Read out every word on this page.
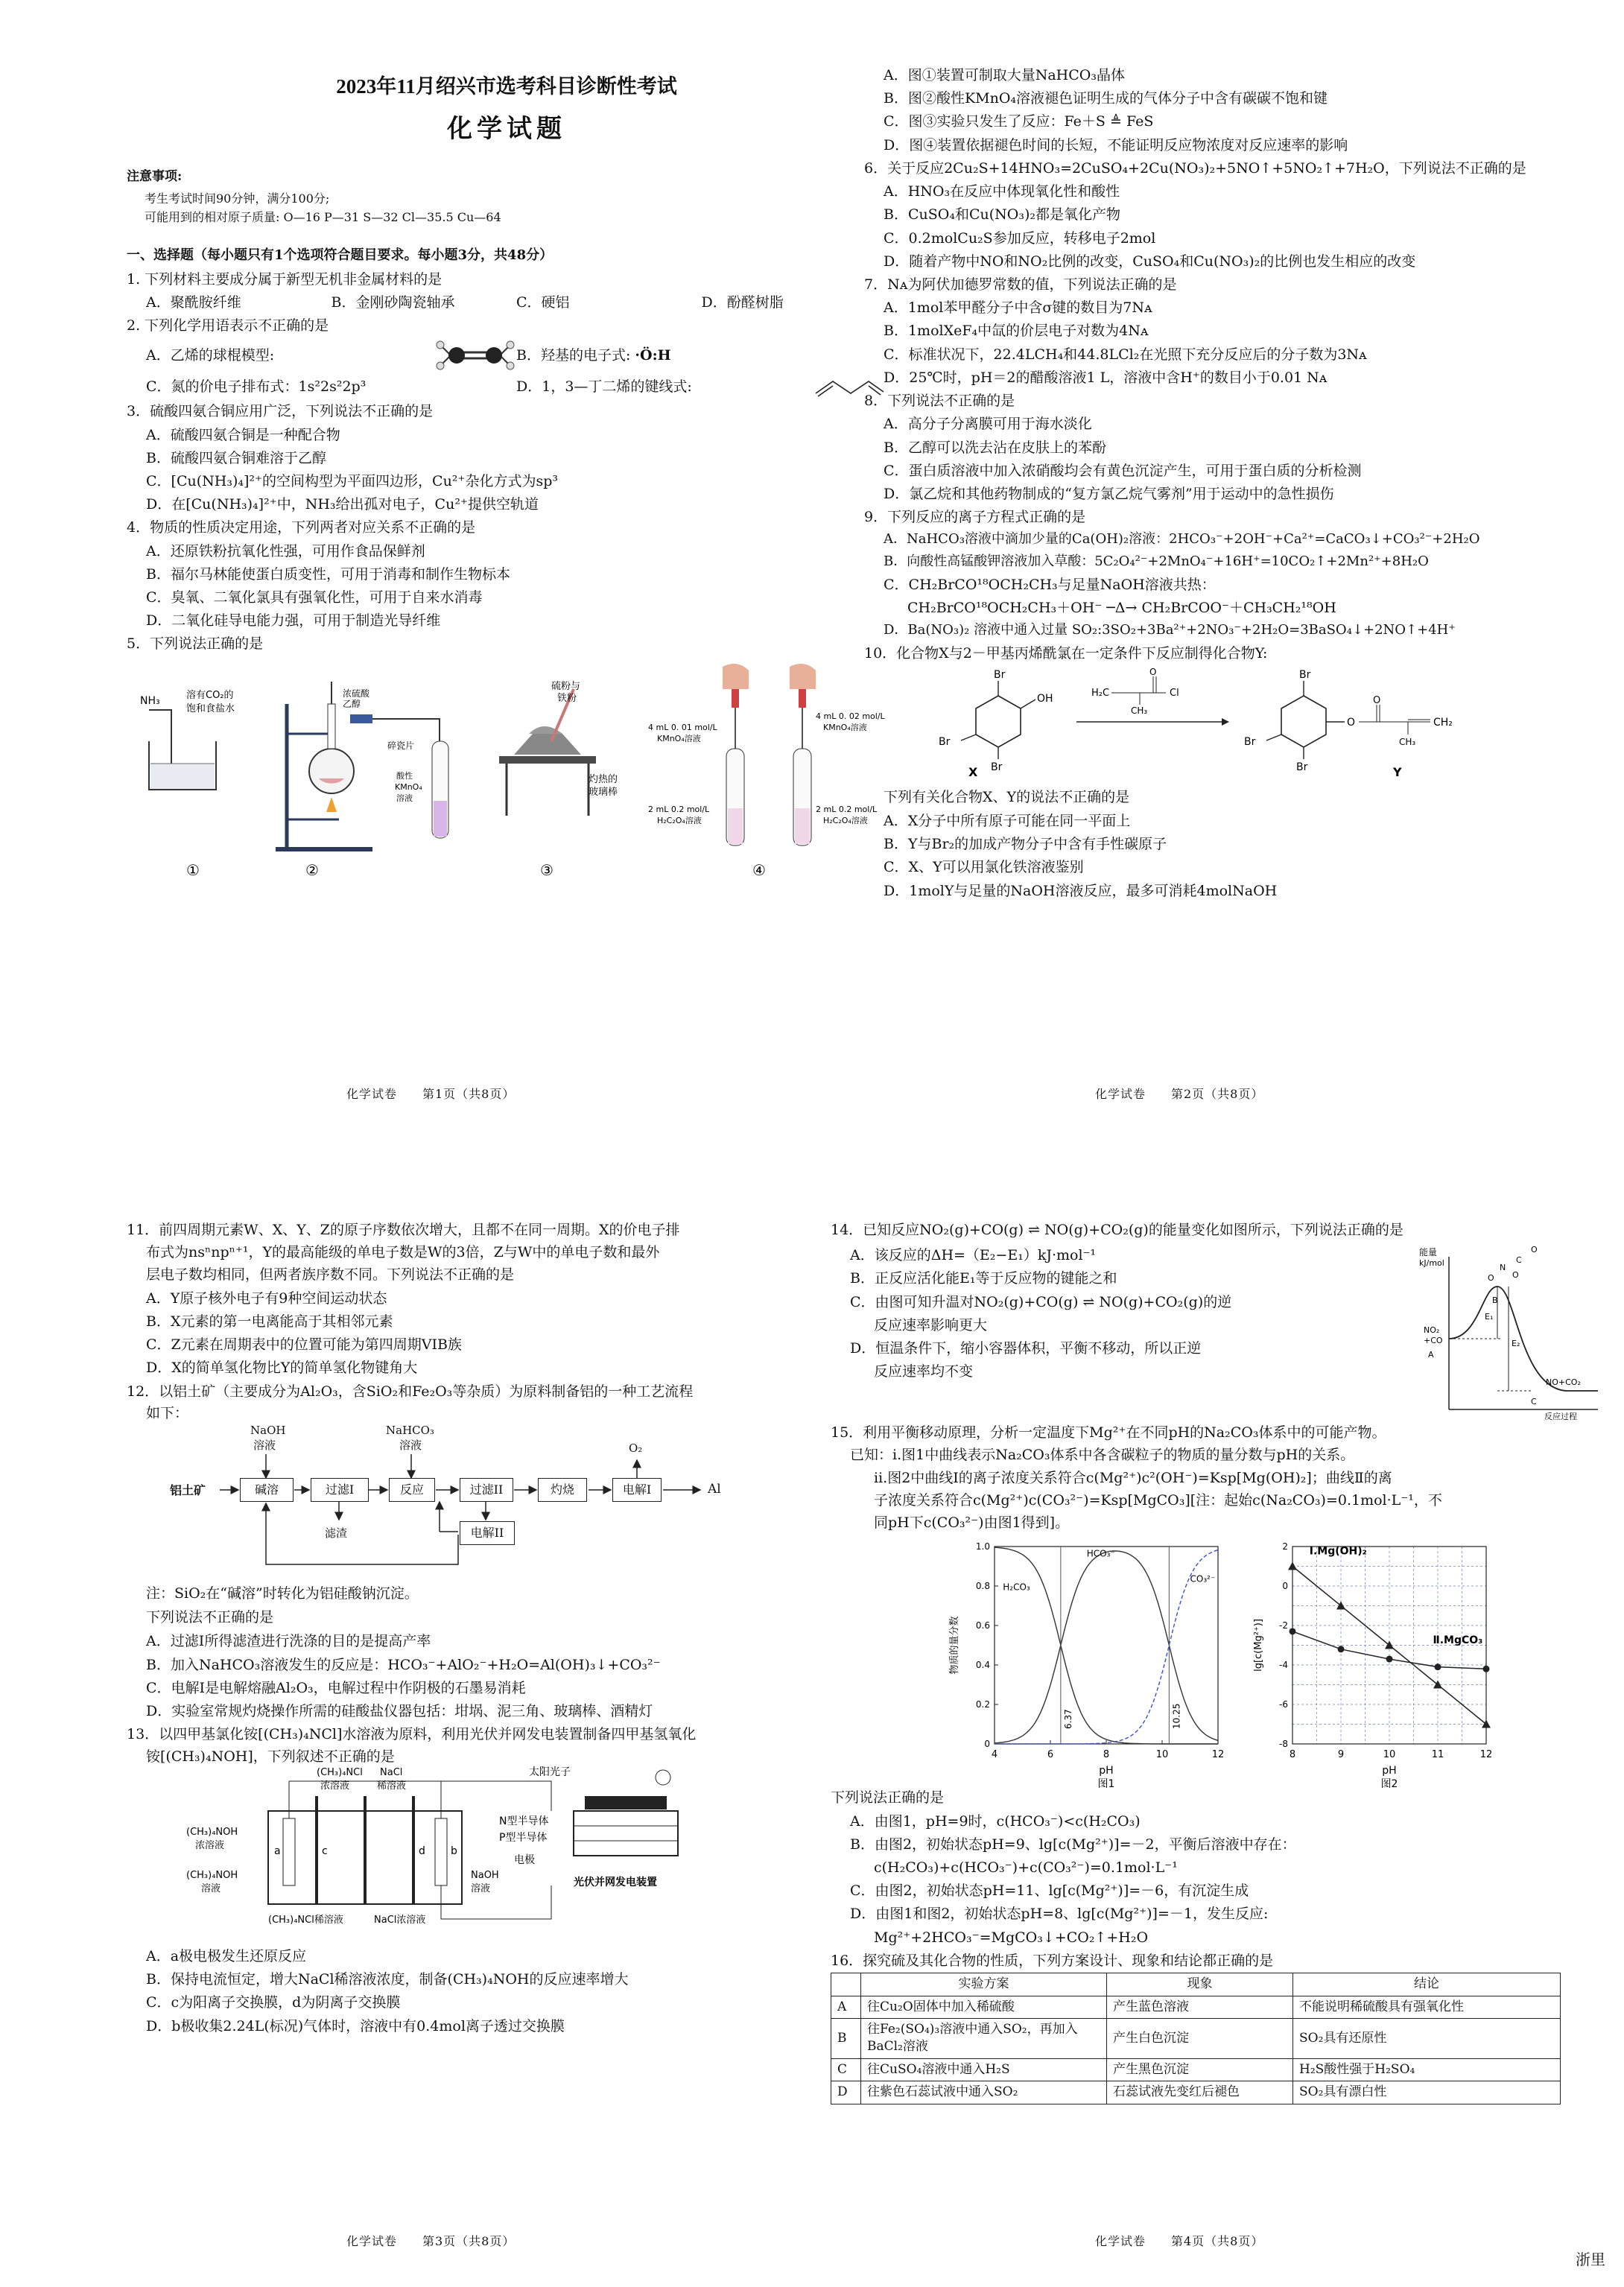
2023年11月绍兴市选考科目诊断性考试
化学试题
注意事项:
考生考试时间90分钟，满分100分;
可能用到的相对原子质量: O—16 P—31 S—32 Cl—35.5 Cu—64
一、选择题（每小题只有1个选项符合题目要求。每小题3分，共48分）
1. 下列材料主要成分属于新型无机非金属材料的是
A．聚酰胺纤维	B．金刚砂陶瓷轴承	C．硬铝	D．酚醛树脂
2. 下列化学用语表示不正确的是
A．乙烯的球棍模型:	B．羟基的电子式: ·Ö:H
C．氮的价电子排布式：1s²2s²2p³	D．1，3—丁二烯的键线式:
3．硫酸四氨合铜应用广泛，下列说法不正确的是
A．硫酸四氨合铜是一种配合物
B．硫酸四氨合铜难溶于乙醇
C．[Cu(NH₃)₄]²⁺的空间构型为平面四边形，Cu²⁺杂化方式为sp³
D．在[Cu(NH₃)₄]²⁺中，NH₃给出孤对电子，Cu²⁺提供空轨道
4．物质的性质决定用途，下列两者对应关系不正确的是
A．还原铁粉抗氧化性强，可用作食品保鲜剂
B．福尔马林能使蛋白质变性，可用于消毒和制作生物标本
C．臭氧、二氧化氯具有强氧化性，可用于自来水消毒
D．二氧化硅导电能力强，可用于制造光导纤维
5．下列说法正确的是
NH₃	溶有CO₂的
饱和食盐水
浓硫酸
乙醇
碎瓷片
酸性
KMnO₄
溶液
硫粉与
铁粉
灼热的
玻璃棒
4 mL 0. 01 mol/L
KMnO₄溶液
2 mL 0.2 mol/L
H₂C₂O₄溶液
4 mL 0. 02 mol/L
KMnO₄溶液
2 mL 0.2 mol/L
H₂C₂O₄溶液
①	②	③	④
化学试卷　　第1页（共8页）
A．图①装置可制取大量NaHCO₃晶体
B．图②酸性KMnO₄溶液褪色证明生成的气体分子中含有碳碳不饱和键
C．图③实验只发生了反应：Fe＋S ≜ FeS
D．图④装置依据褪色时间的长短，不能证明反应物浓度对反应速率的影响
6．关于反应2Cu₂S+14HNO₃=2CuSO₄+2Cu(NO₃)₂+5NO↑+5NO₂↑+7H₂O，下列说法不正确的是
A．HNO₃在反应中体现氧化性和酸性
B．CuSO₄和Cu(NO₃)₂都是氧化产物
C．0.2molCu₂S参加反应，转移电子2mol
D．随着产物中NO和NO₂比例的改变，CuSO₄和Cu(NO₃)₂的比例也发生相应的改变
7．Nᴀ为阿伏加德罗常数的值，下列说法正确的是
A．1mol苯甲醛分子中含σ键的数目为7Nᴀ
B．1molXeF₄中氙的价层电子对数为4Nᴀ
C．标准状况下，22.4LCH₄和44.8LCl₂在光照下充分反应后的分子数为3Nᴀ
D．25℃时，pH＝2的醋酸溶液1 L，溶液中含H⁺的数目小于0.01 Nᴀ
8．下列说法不正确的是
A．高分子分离膜可用于海水淡化
B．乙醇可以洗去沾在皮肤上的苯酚
C．蛋白质溶液中加入浓硝酸均会有黄色沉淀产生，可用于蛋白质的分析检测
D．氯乙烷和其他药物制成的“复方氯乙烷气雾剂”用于运动中的急性损伤
9．下列反应的离子方程式正确的是
A．NaHCO₃溶液中滴加少量的Ca(OH)₂溶液：2HCO₃⁻+2OH⁻+Ca²⁺=CaCO₃↓+CO₃²⁻+2H₂O
B．向酸性高锰酸钾溶液加入草酸：5C₂O₄²⁻+2MnO₄⁻+16H⁺=10CO₂↑+2Mn²⁺+8H₂O
C．CH₂BrCO¹⁸OCH₂CH₃与足量NaOH溶液共热：
CH₂BrCO¹⁸OCH₂CH₃＋OH⁻ ─Δ→ CH₂BrCOO⁻＋CH₃CH₂¹⁸OH
D．Ba(NO₃)₂ 溶液中通入过量 SO₂:3SO₂+3Ba²⁺+2NO₃⁻+2H₂O=3BaSO₄↓+2NO↑+4H⁺
10．化合物X与2－甲基丙烯酰氯在一定条件下反应制得化合物Y:
Br
Br
Br
OH
X
H₂C	Cl
CH₃
O	Br
Br
Br
O
O
CH₂
CH₃
Y
下列有关化合物X、Y的说法不正确的是
A．X分子中所有原子可能在同一平面上
B．Y与Br₂的加成产物分子中含有手性碳原子
C．X、Y可以用氯化铁溶液鉴别
D．1molY与足量的NaOH溶液反应，最多可消耗4molNaOH
化学试卷　　第2页（共8页）
11．前四周期元素W、X、Y、Z的原子序数依次增大，且都不在同一周期。X的价电子排
布式为nsⁿnpⁿ⁺¹，Y的最高能级的单电子数是W的3倍，Z与W中的单电子数和最外
层电子数均相同，但两者族序数不同。下列说法不正确的是
A．Y原子核外电子有9种空间运动状态
B．X元素的第一电离能高于其相邻元素
C．Z元素在周期表中的位置可能为第四周期VIB族
D．X的简单氢化物比Y的简单氢化物键角大
12．以铝土矿（主要成分为Al₂O₃，含SiO₂和Fe₂O₃等杂质）为原料制备铝的一种工艺流程
如下：
铝土矿	碱溶	过滤I	反应	过滤II	灼烧	电解I
电解II
NaOH
溶液
NaHCO₃
溶液	O₂
滤渣
Al
注：SiO₂在“碱溶”时转化为铝硅酸钠沉淀。
下列说法不正确的是
A．过滤Ⅰ所得滤渣进行洗涤的目的是提高产率
B．加入NaHCO₃溶液发生的反应是：HCO₃⁻+AlO₂⁻+H₂O=Al(OH)₃↓+CO₃²⁻
C．电解Ⅰ是电解熔融Al₂O₃，电解过程中作阴极的石墨易消耗
D．实验室常规灼烧操作所需的硅酸盐仪器包括：坩埚、泥三角、玻璃棒、酒精灯
13．以四甲基氯化铵[(CH₃)₄NCl]水溶液为原料，利用光伏并网发电装置制备四甲基氢氧化
铵[(CH₃)₄NOH]，下列叙述不正确的是
(CH₃)₄NOH
浓溶液
(CH₃)₄NOH
溶液
(CH₃)₄NCl
浓溶液
NaCl
稀溶液
NaOH
溶液
(CH₃)₄NCl稀溶液	NaCl浓溶液
a	b
c	d
太阳光子
N型半导体
P型半导体
电极
光伏并网发电装置
A．a极电极发生还原反应
B．保持电流恒定，增大NaCl稀溶液浓度，制备(CH₃)₄NOH的反应速率增大
C．c为阳离子交换膜，d为阴离子交换膜
D．b极收集2.24L(标况)气体时，溶液中有0.4mol离子透过交换膜
化学试卷　　第3页（共8页）
14．已知反应NO₂(g)+CO(g) ⇌ NO(g)+CO₂(g)的能量变化如图所示，下列说法正确的是
A．该反应的ΔH=（E₂−E₁）kJ·mol⁻¹
B．正反应活化能E₁等于反应物的键能之和
C．由图可知升温对NO₂(g)+CO(g) ⇌ NO(g)+CO₂(g)的逆
反应速率影响更大
D．恒温条件下，缩小容器体积，平衡不移动，所以正逆
反应速率均不变
能量
kJ/mol
NO₂
+CO
A
B
C
E₁
E₂
NO+CO₂
反应过程
O
N
C
O
O
15．利用平衡移动原理，分析一定温度下Mg²⁺在不同pH的Na₂CO₃体系中的可能产物。
已知：ⅰ.图1中曲线表示Na₂CO₃体系中各含碳粒子的物质的量分数与pH的关系。
ⅱ.图2中曲线Ⅰ的离子浓度关系符合c(Mg²⁺)c²(OH⁻)=Ksp[Mg(OH)₂]；曲线Ⅱ的离
子浓度关系符合c(Mg²⁺)c(CO₃²⁻)=Ksp[MgCO₃][注：起始c(Na₂CO₃)=0.1mol·L⁻¹，不
同pH下c(CO₃²⁻)由图1得到]。
4	6	8	10	12
0
0.2
0.4
0.6
0.8
1.0
pH
物质的量分数
图1
6.37	10.25
H₂CO₃
HCO₃⁻
CO₃²⁻
8	9	10	11	12
2
0
-2
-4
-6
-8
pH
lg[c(Mg²⁺)]
图2
Ⅰ.Mg(OH)₂
Ⅱ.MgCO₃
下列说法正确的是
A．由图1，pH=9时，c(HCO₃⁻)<c(H₂CO₃)
B．由图2，初始状态pH=9、lg[c(Mg²⁺)]=－2，平衡后溶液中存在：
c(H₂CO₃)+c(HCO₃⁻)+c(CO₃²⁻)=0.1mol·L⁻¹
C．由图2，初始状态pH=11、lg[c(Mg²⁺)]=－6，有沉淀生成
D．由图1和图2，初始状态pH=8、lg[c(Mg²⁺)]=－1，发生反应:
Mg²⁺+2HCO₃⁻=MgCO₃↓+CO₂↑+H₂O
16．探究硫及其化合物的性质，下列方案设计、现象和结论都正确的是
	实验方案	现象	结论
A	往Cu₂O固体中加入稀硫酸	产生蓝色溶液	不能说明稀硫酸具有强氧化性
B	往Fe₂(SO₄)₃溶液中通入SO₂，再加入BaCl₂溶液	产生白色沉淀	SO₂具有还原性
C	往CuSO₄溶液中通入H₂S	产生黑色沉淀	H₂S酸性强于H₂SO₄
D	往紫色石蕊试液中通入SO₂	石蕊试液先变红后褪色	SO₂具有漂白性
化学试卷　　第4页（共8页）
浙里
